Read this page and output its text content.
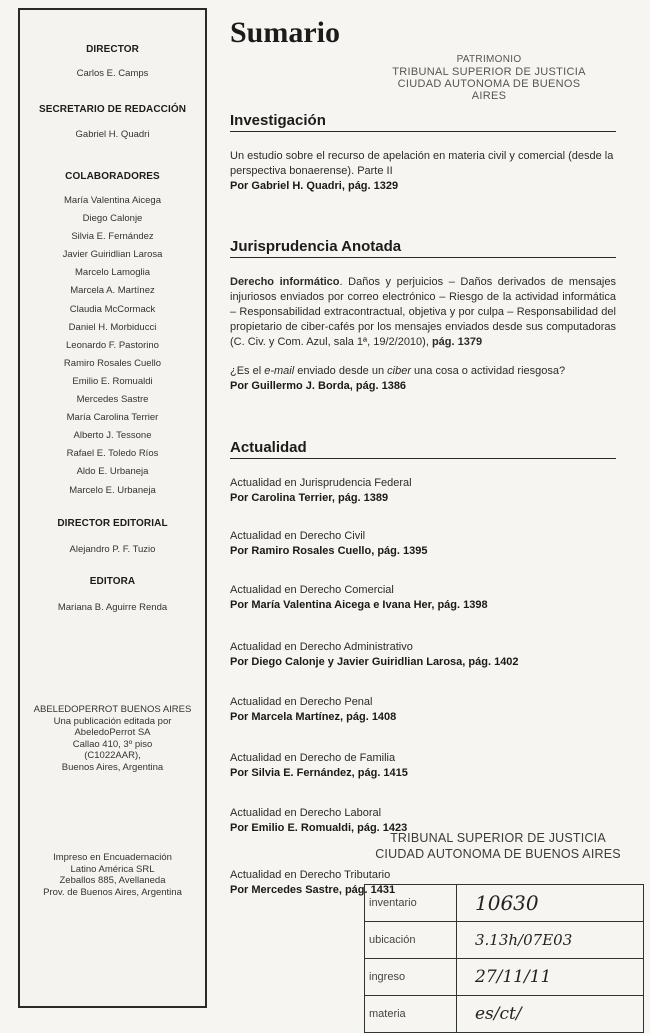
DIRECTOR

Carlos E. Camps

SECRETARIO DE REDACCIÓN

Gabriel H. Quadri

COLABORADORES

María Valentina Aicega
Diego Calonje
Silvia E. Fernández
Javier Guiridlian Larosa
Marcelo Lamoglia
Marcela A. Martínez
Claudia McCormack
Daniel H. Morbiducci
Leonardo F. Pastorino
Ramiro Rosales Cuello
Emilio E. Romualdi
Mercedes Sastre
María Carolina Terrier
Alberto J. Tessone
Rafael E. Toledo Ríos
Aldo E. Urbaneja
Marcelo E. Urbaneja

DIRECTOR EDITORIAL

Alejandro P. F. Tuzio

EDITORA

Mariana B. Aguirre Renda

ABELEDOPERROT BUENOS AIRES

Una publicación editada por

AbeledoPerrot SA

Callao 410, 3º piso

(C1022AAR),

Buenos Aires, Argentina

Impreso en Encuadernación

Latino América SRL

Zeballos 885, Avellaneda

Prov. de Buenos Aires, Argentina

Sumario
PATRIMONIO
TRIBUNAL SUPERIOR DE JUSTICIA
CIUDAD AUTONOMA DE BUENOS AIRES
Investigación

Un estudio sobre el recurso de apelación en materia civil y comercial (desde la perspectiva bonaerense). Parte II

Por Gabriel H. Quadri, pág. 1329

Jurisprudencia Anotada

Derecho informático. Daños y perjuicios – Daños derivados de mensajes injuriosos enviados por correo electrónico – Riesgo de la actividad informática – Responsabilidad extracontractual, objetiva y por culpa – Responsabilidad del propietario de ciber-cafés por los mensajes enviados desde sus computadoras (C. Civ. y Com. Azul, sala 1ª, 19/2/2010), pág. 1379

¿Es el e-mail enviado desde un ciber una cosa o actividad riesgosa?

Por Guillermo J. Borda, pág. 1386

Actualidad

Actualidad en Jurisprudencia Federal

Por Carolina Terrier, pág. 1389

Actualidad en Derecho Civil

Por Ramiro Rosales Cuello, pág. 1395

Actualidad en Derecho Comercial

Por María Valentina Aicega e Ivana Her, pág. 1398

Actualidad en Derecho Administrativo

Por Diego Calonje y Javier Guiridlian Larosa, pág. 1402

Actualidad en Derecho Penal

Por Marcela Martínez, pág. 1408

Actualidad en Derecho de Familia

Por Silvia E. Fernández, pág. 1415

Actualidad en Derecho Laboral

Por Emilio E. Romualdi, pág. 1423

Actualidad en Derecho Tributario

Por Mercedes Sastre, pág. 1431

TRIBUNAL SUPERIOR DE JUSTICIA
CIUDAD AUTONOMA DE BUENOS AIRES
inventario	10630
ubicación	3.13h/07E03
ingreso	27/11/11
materia	es/ct/
